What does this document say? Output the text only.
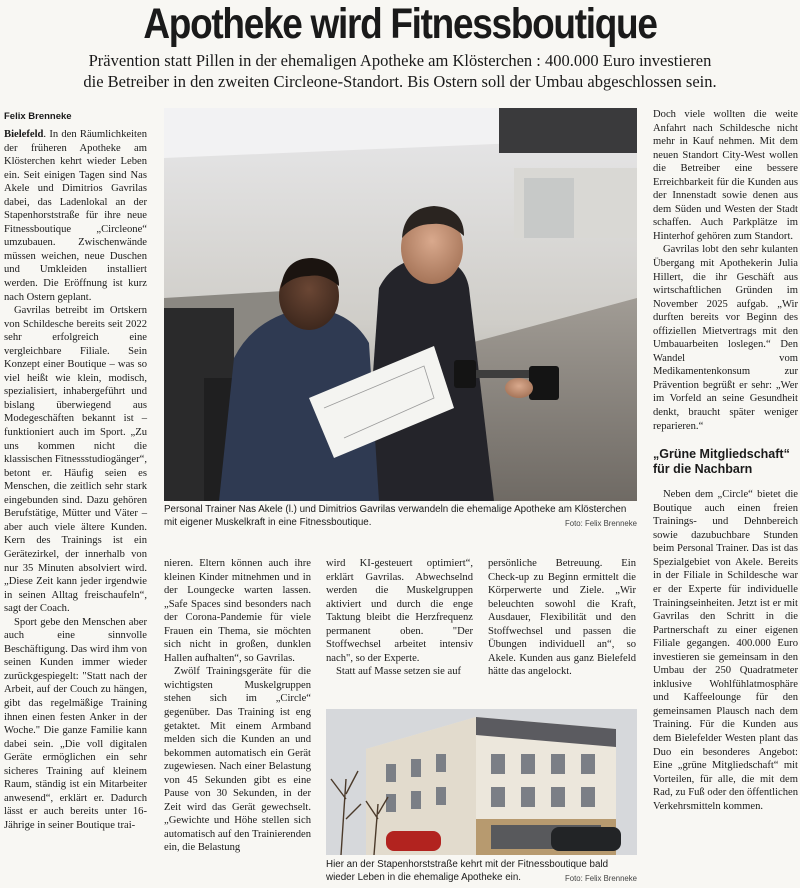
Apotheke wird Fitnessboutique
Prävention statt Pillen in der ehemaligen Apotheke am Klösterchen : 400.000 Euro investieren
die Betreiber in den zweiten Circleone-Standort. Bis Ostern soll der Umbau abgeschlossen sein.
Felix Brenneke

Bielefeld. In den Räumlichkeiten der früheren Apotheke am Klösterchen kehrt wieder Leben ein. Seit einigen Tagen sind Nas Akele und Dimitrios Gavrilas dabei, das Ladenlokal an der Stapenhorststraße für ihre neue Fitnessboutique „Circleone“ umzubauen. Zwischenwände müssen weichen, neue Duschen und Umkleiden installiert werden. Die Eröffnung ist kurz nach Ostern geplant.

Gavrilas betreibt im Ortskern von Schildesche bereits seit 2022 sehr erfolgreich eine vergleichbare Filiale. Sein Konzept einer Boutique – was so viel heißt wie klein, modisch, spezialisiert, inhabergeführt und bislang überwiegend aus Modegeschäften bekannt ist – funktioniert auch im Sport. „Zu uns kommen nicht die klassischen Fitnessstudiogänger“, betont er. Häufig seien es Menschen, die zeitlich sehr stark eingebunden sind. Dazu gehören Berufstätige, Mütter und Väter – aber auch viele ältere Kunden. Kern des Trainings ist ein Gerätezirkel, der innerhalb von nur 35 Minuten absolviert wird. „Diese Zeit kann jeder irgendwie in seinen Alltag freischaufeln“, sagt der Coach.

Sport gebe den Menschen aber auch eine sinnvolle Beschäftigung. Das wird ihm von seinen Kunden immer wieder zurückgespiegelt: "Statt nach der Arbeit, auf der Couch zu hängen, gibt das regelmäßige Training ihnen einen festen Anker in der Woche." Die ganze Familie kann dabei sein. „Die voll digitalen Geräte ermöglichen ein sehr sicheres Training auf kleinem Raum, ständig ist ein Mitarbeiter anwesend“, erklärt er. Dadurch lässt er auch bereits unter 16-Jährige in seiner Boutique trai-

Personal Trainer Nas Akele (l.) und Dimitrios Gavrilas verwandeln die ehemalige Apotheke am Klösterchen mit eigener Muskelkraft in eine Fitnessboutique.	Foto: Felix Brenneke

nieren. Eltern können auch ihre kleinen Kinder mitnehmen und in der Loungecke warten lassen. „Safe Spaces sind besonders nach der Corona-Pandemie für viele Frauen ein Thema, sie möchten sich nicht in großen, dunklen Hallen aufhalten“, so Gavrilas.

Zwölf Trainingsgeräte für die wichtigsten Muskelgruppen stehen sich im „Circle“ gegenüber. Das Training ist eng getaktet. Mit einem Armband melden sich die Kunden an und bekommen automatisch ein Gerät zugewiesen. Nach einer Belastung von 45 Sekunden gibt es eine Pause von 30 Sekunden, in der Zeit wird das Gerät gewechselt. „Gewichte und Höhe stellen sich automatisch auf den Trainierenden ein, die Belastung

wird KI-gesteuert optimiert“, erklärt Gavrilas. Abwechselnd werden die Muskelgruppen aktiviert und durch die enge Taktung bleibt die Herzfrequenz permanent oben. "Der Stoffwechsel arbeitet intensiv nach", so der Experte.

Statt auf Masse setzen sie auf

persönliche Betreuung. Ein Check-up zu Beginn ermittelt die Körperwerte und Ziele. „Wir beleuchten sowohl die Kraft, Ausdauer, Flexibilität und den Stoffwechsel und passen die Übungen individuell an“, so Akele. Kunden aus ganz Bielefeld hätte das angelockt.

Hier an der Stapenhorststraße kehrt mit der Fitnessboutique bald wieder Leben in die ehemalige Apotheke ein.	Foto: Felix Brenneke

Doch viele wollten die weite Anfahrt nach Schildesche nicht mehr in Kauf nehmen. Mit dem neuen Standort City-West wollen die Betreiber eine bessere Erreichbarkeit für die Kunden aus der Innenstadt sowie denen aus dem Süden und Westen der Stadt schaffen. Auch Parkplätze im Hinterhof gehören zum Standort.

Gavrilas lobt den sehr kulanten Übergang mit Apothekerin Julia Hillert, die ihr Geschäft aus wirtschaftlichen Gründen im November 2025 aufgab. „Wir durften bereits vor Beginn des offiziellen Mietvertrags mit den Umbauarbeiten loslegen.“ Den Wandel vom Medikamentenkonsum zur Prävention begrüßt er sehr: „Wer im Vorfeld an seine Gesundheit denkt, braucht später weniger reparieren.“

„Grüne Mitgliedschaft“ für die Nachbarn

Neben dem „Circle“ bietet die Boutique auch einen freien Trainings- und Dehnbereich sowie dazubuchbare Stunden beim Personal Trainer. Das ist das Spezialgebiet von Akele. Bereits in der Filiale in Schildesche war er der Experte für individuelle Trainingseinheiten. Jetzt ist er mit Gavrilas den Schritt in die Partnerschaft zu einer eigenen Filiale gegangen. 400.000 Euro investieren sie gemeinsam in den Umbau der 250 Quadratmeter inklusive Wohlfühlatmosphäre und Kaffeelounge für den gemeinsamen Plausch nach dem Training. Für die Kunden aus dem Bielefelder Westen plant das Duo ein besonderes Angebot: Eine „grüne Mitgliedschaft“ mit Vorteilen, für alle, die mit dem Rad, zu Fuß oder den öffentlichen Verkehrsmitteln kommen.
